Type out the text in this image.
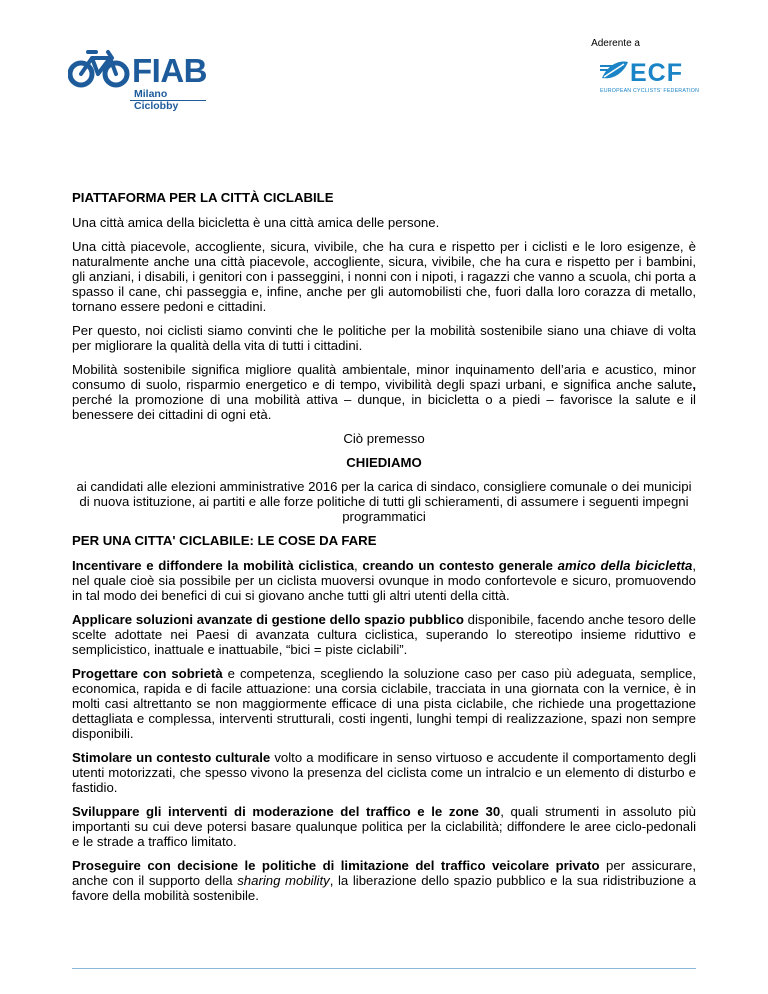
FIAB
Milano
Ciclobby
Aderente a
ECF
EUROPEAN CYCLISTS' FEDERATION

PIATTAFORMA PER LA CITTÀ CICLABILE

Una città amica della bicicletta è una città amica delle persone.

Una città piacevole, accogliente, sicura, vivibile, che ha cura e rispetto per i ciclisti e le loro esigenze, è naturalmente anche una città piacevole, accogliente, sicura, vivibile, che ha cura e rispetto per i bambini, gli anziani, i disabili, i genitori con i passeggini, i nonni con i nipoti, i ragazzi che vanno a scuola, chi porta a spasso il cane, chi passeggia e, infine, anche per gli automobilisti che, fuori dalla loro corazza di metallo, tornano essere pedoni e cittadini.

Per questo, noi ciclisti siamo convinti che le politiche per la mobilità sostenibile siano una chiave di volta per migliorare la qualità della vita di tutti i cittadini.

Mobilità sostenibile significa migliore qualità ambientale, minor inquinamento dell’aria e acustico, minor consumo di suolo, risparmio energetico e di tempo, vivibilità degli spazi urbani, e significa anche salute, perché la promozione di una mobilità attiva – dunque, in bicicletta o a piedi – favorisce la salute e il benessere dei cittadini di ogni età.

Ciò premesso

CHIEDIAMO

ai candidati alle elezioni amministrative 2016 per la carica di sindaco, consigliere comunale o dei municipi di nuova istituzione, ai partiti e alle forze politiche di tutti gli schieramenti, di assumere i seguenti impegni programmatici

PER UNA CITTA' CICLABILE: LE COSE DA FARE

Incentivare e diffondere la mobilità ciclistica, creando un contesto generale amico della bicicletta, nel quale cioè sia possibile per un ciclista muoversi ovunque in modo confortevole e sicuro, promuovendo in tal modo dei benefici di cui si giovano anche tutti gli altri utenti della città.

Applicare soluzioni avanzate di gestione dello spazio pubblico disponibile, facendo anche tesoro delle scelte adottate nei Paesi di avanzata cultura ciclistica, superando lo stereotipo insieme riduttivo e semplicistico, inattuale e inattuabile, “bici = piste ciclabili”.

Progettare con sobrietà e competenza, scegliendo la soluzione caso per caso più adeguata, semplice, economica, rapida e di facile attuazione: una corsia ciclabile, tracciata in una giornata con la vernice, è in molti casi altrettanto se non maggiormente efficace di una pista ciclabile, che richiede una progettazione dettagliata e complessa, interventi strutturali, costi ingenti, lunghi tempi di realizzazione, spazi non sempre disponibili.

Stimolare un contesto culturale volto a modificare in senso virtuoso e accudente il comportamento degli utenti motorizzati, che spesso vivono la presenza del ciclista come un intralcio e un elemento di disturbo e fastidio.

Sviluppare gli interventi di moderazione del traffico e le zone 30, quali strumenti in assoluto più importanti su cui deve potersi basare qualunque politica per la ciclabilità; diffondere le aree ciclo-pedonali e le strade a traffico limitato.

Proseguire con decisione le politiche di limitazione del traffico veicolare privato per assicurare, anche con il supporto della sharing mobility, la liberazione dello spazio pubblico e la sua ridistribuzione a favore della mobilità sostenibile.
